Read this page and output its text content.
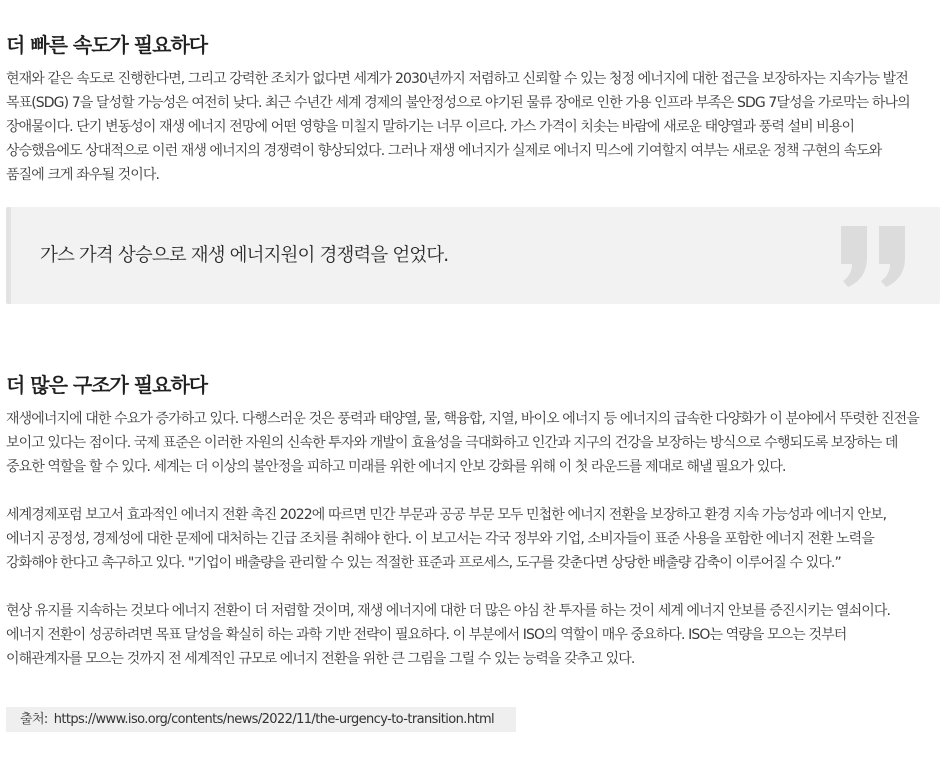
더 빠른 속도가 필요하다

현재와 같은 속도로 진행한다면, 그리고 강력한 조치가 없다면 세계가 2030년까지 저렴하고 신뢰할 수 있는 청정 에너지에 대한 접근을 보장하자는 지속가능 발전
목표(SDG) 7을 달성할 가능성은 여전히 낮다. 최근 수년간 세계 경제의 불안정성으로 야기된 물류 장애로 인한 가용 인프라 부족은 SDG 7달성을 가로막는 하나의
장애물이다. 단기 변동성이 재생 에너지 전망에 어떤 영향을 미칠지 말하기는 너무 이르다. 가스 가격이 치솟는 바람에 새로운 태양열과 풍력 설비 비용이
상승했음에도 상대적으로 이런 재생 에너지의 경쟁력이 향상되었다. 그러나 재생 에너지가 실제로 에너지 믹스에 기여할지 여부는 새로운 정책 구현의 속도와
품질에 크게 좌우될 것이다.

가스 가격 상승으로 재생 에너지원이 경쟁력을 얻었다.
더 많은 구조가 필요하다

재생에너지에 대한 수요가 증가하고 있다. 다행스러운 것은 풍력과 태양열, 물, 핵융합, 지열, 바이오 에너지 등 에너지의 급속한 다양화가 이 분야에서 뚜렷한 진전을
보이고 있다는 점이다. 국제 표준은 이러한 자원의 신속한 투자와 개발이 효율성을 극대화하고 인간과 지구의 건강을 보장하는 방식으로 수행되도록 보장하는 데
중요한 역할을 할 수 있다. 세계는 더 이상의 불안정을 피하고 미래를 위한 에너지 안보 강화를 위해 이 첫 라운드를 제대로 해낼 필요가 있다.

세계경제포럼 보고서 효과적인 에너지 전환 촉진 2022에 따르면 민간 부문과 공공 부문 모두 민첩한 에너지 전환을 보장하고 환경 지속 가능성과 에너지 안보,
에너지 공정성, 경제성에 대한 문제에 대처하는 긴급 조치를 취해야 한다. 이 보고서는 각국 정부와 기업, 소비자들이 표준 사용을 포함한 에너지 전환 노력을
강화해야 한다고 촉구하고 있다. "기업이 배출량을 관리할 수 있는 적절한 표준과 프로세스, 도구를 갖춘다면 상당한 배출량 감축이 이루어질 수 있다.”

현상 유지를 지속하는 것보다 에너지 전환이 더 저렴할 것이며, 재생 에너지에 대한 더 많은 야심 찬 투자를 하는 것이 세계 에너지 안보를 증진시키는 열쇠이다.
에너지 전환이 성공하려면 목표 달성을 확실히 하는 과학 기반 전략이 필요하다. 이 부분에서 ISO의 역할이 매우 중요하다. ISO는 역량을 모으는 것부터
이해관계자를 모으는 것까지 전 세계적인 규모로 에너지 전환을 위한 큰 그림을 그릴 수 있는 능력을 갖추고 있다.

출처: https://www.iso.org/contents/news/2022/11/the-urgency-to-transition.html
